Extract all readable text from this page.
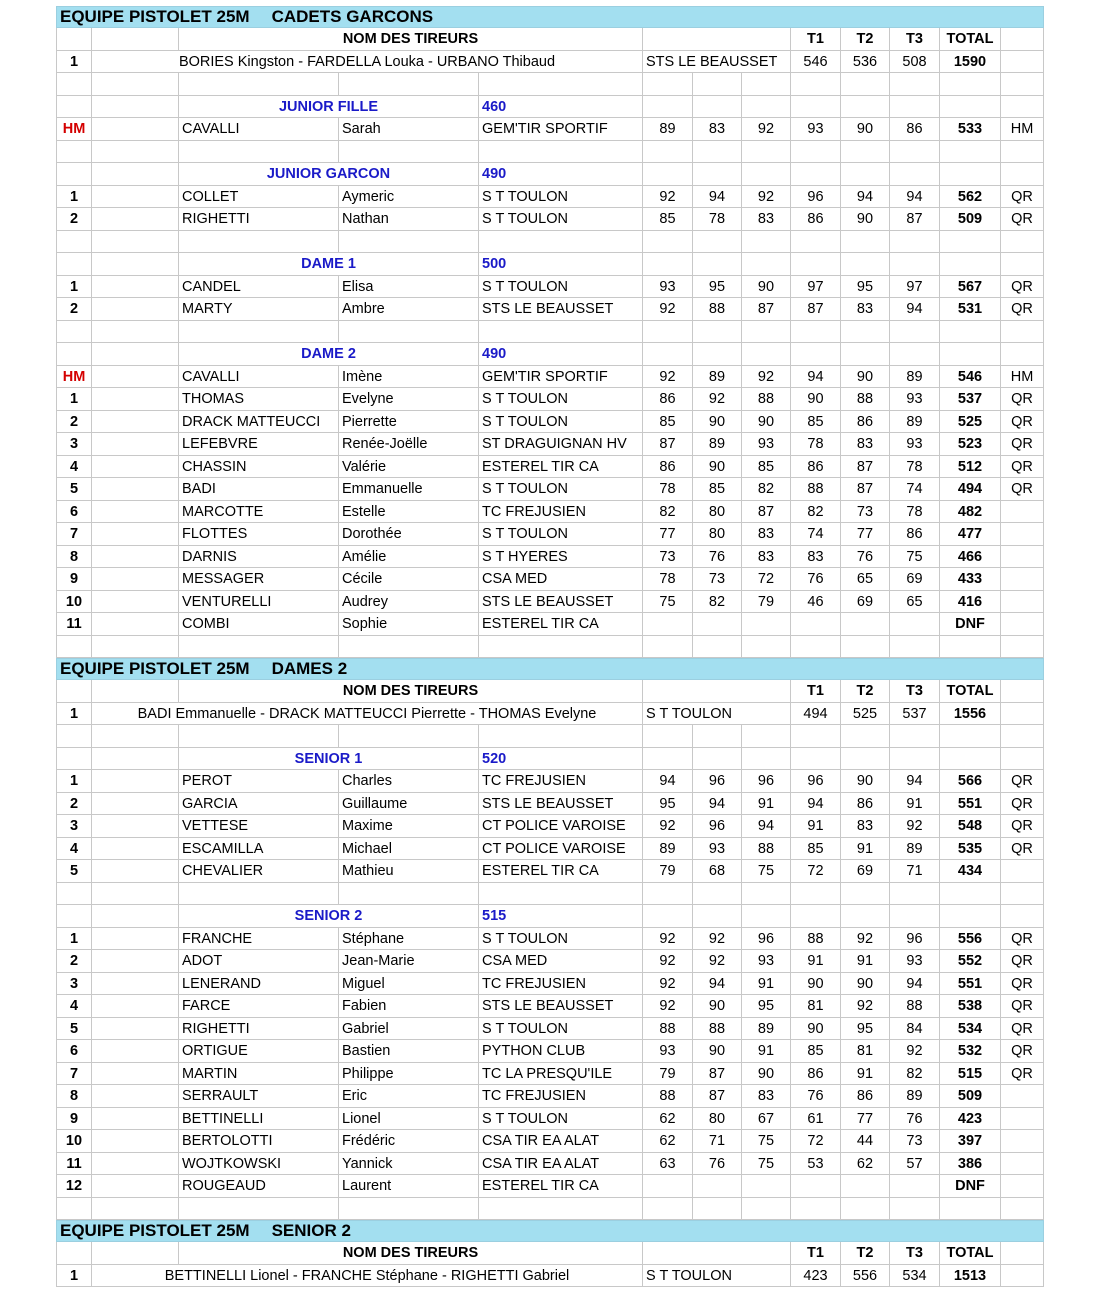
EQUIPE PISTOLET 25M CADETS GARCONS
NOM DES TIREURS	T1	T2	T3	TOTAL
1	BORIES Kingston - FARDELLA Louka - URBANO Thibaud	STS LE BEAUSSET	546	536	508	1590
JUNIOR FILLE	460
HM	CAVALLI	Sarah	GEM'TIR SPORTIF	89	83	92	93	90	86	533	HM
JUNIOR GARCON	490
1	COLLET	Aymeric	S T TOULON	92	94	92	96	94	94	562	QR
2	RIGHETTI	Nathan	S T TOULON	85	78	83	86	90	87	509	QR
DAME 1	500
1	CANDEL	Elisa	S T TOULON	93	95	90	97	95	97	567	QR
2	MARTY	Ambre	STS LE BEAUSSET	92	88	87	87	83	94	531	QR
DAME 2	490
HM	CAVALLI	Imène	GEM'TIR SPORTIF	92	89	92	94	90	89	546	HM
1	THOMAS	Evelyne	S T TOULON	86	92	88	90	88	93	537	QR
2	DRACK MATTEUCCI	Pierrette	S T TOULON	85	90	90	85	86	89	525	QR
3	LEFEBVRE	Renée-Joëlle	ST DRAGUIGNAN HV	87	89	93	78	83	93	523	QR
4	CHASSIN	Valérie	ESTEREL TIR CA	86	90	85	86	87	78	512	QR
5	BADI	Emmanuelle	S T TOULON	78	85	82	88	87	74	494	QR
6	MARCOTTE	Estelle	TC FREJUSIEN	82	80	87	82	73	78	482
7	FLOTTES	Dorothée	S T TOULON	77	80	83	74	77	86	477
8	DARNIS	Amélie	S T HYERES	73	76	83	83	76	75	466
9	MESSAGER	Cécile	CSA MED	78	73	72	76	65	69	433
10	VENTURELLI	Audrey	STS LE BEAUSSET	75	82	79	46	69	65	416
11	COMBI	Sophie	ESTEREL TIR CA	DNF
EQUIPE PISTOLET 25M DAMES 2
NOM DES TIREURS	T1	T2	T3	TOTAL
1	BADI Emmanuelle - DRACK MATTEUCCI Pierrette - THOMAS Evelyne	S T TOULON	494	525	537	1556
SENIOR 1	520
1	PEROT	Charles	TC FREJUSIEN	94	96	96	96	90	94	566	QR
2	GARCIA	Guillaume	STS LE BEAUSSET	95	94	91	94	86	91	551	QR
3	VETTESE	Maxime	CT POLICE VAROISE	92	96	94	91	83	92	548	QR
4	ESCAMILLA	Michael	CT POLICE VAROISE	89	93	88	85	91	89	535	QR
5	CHEVALIER	Mathieu	ESTEREL TIR CA	79	68	75	72	69	71	434
SENIOR 2	515
1	FRANCHE	Stéphane	S T TOULON	92	92	96	88	92	96	556	QR
2	ADOT	Jean-Marie	CSA MED	92	92	93	91	91	93	552	QR
3	LENERAND	Miguel	TC FREJUSIEN	92	94	91	90	90	94	551	QR
4	FARCE	Fabien	STS LE BEAUSSET	92	90	95	81	92	88	538	QR
5	RIGHETTI	Gabriel	S T TOULON	88	88	89	90	95	84	534	QR
6	ORTIGUE	Bastien	PYTHON CLUB	93	90	91	85	81	92	532	QR
7	MARTIN	Philippe	TC LA PRESQU'ILE	79	87	90	86	91	82	515	QR
8	SERRAULT	Eric	TC FREJUSIEN	88	87	83	76	86	89	509
9	BETTINELLI	Lionel	S T TOULON	62	80	67	61	77	76	423
10	BERTOLOTTI	Frédéric	CSA TIR EA ALAT	62	71	75	72	44	73	397
11	WOJTKOWSKI	Yannick	CSA TIR EA ALAT	63	76	75	53	62	57	386
12	ROUGEAUD	Laurent	ESTEREL TIR CA	DNF
EQUIPE PISTOLET 25M SENIOR 2
NOM DES TIREURS	T1	T2	T3	TOTAL
1	BETTINELLI Lionel - FRANCHE Stéphane - RIGHETTI Gabriel	S T TOULON	423	556	534	1513
